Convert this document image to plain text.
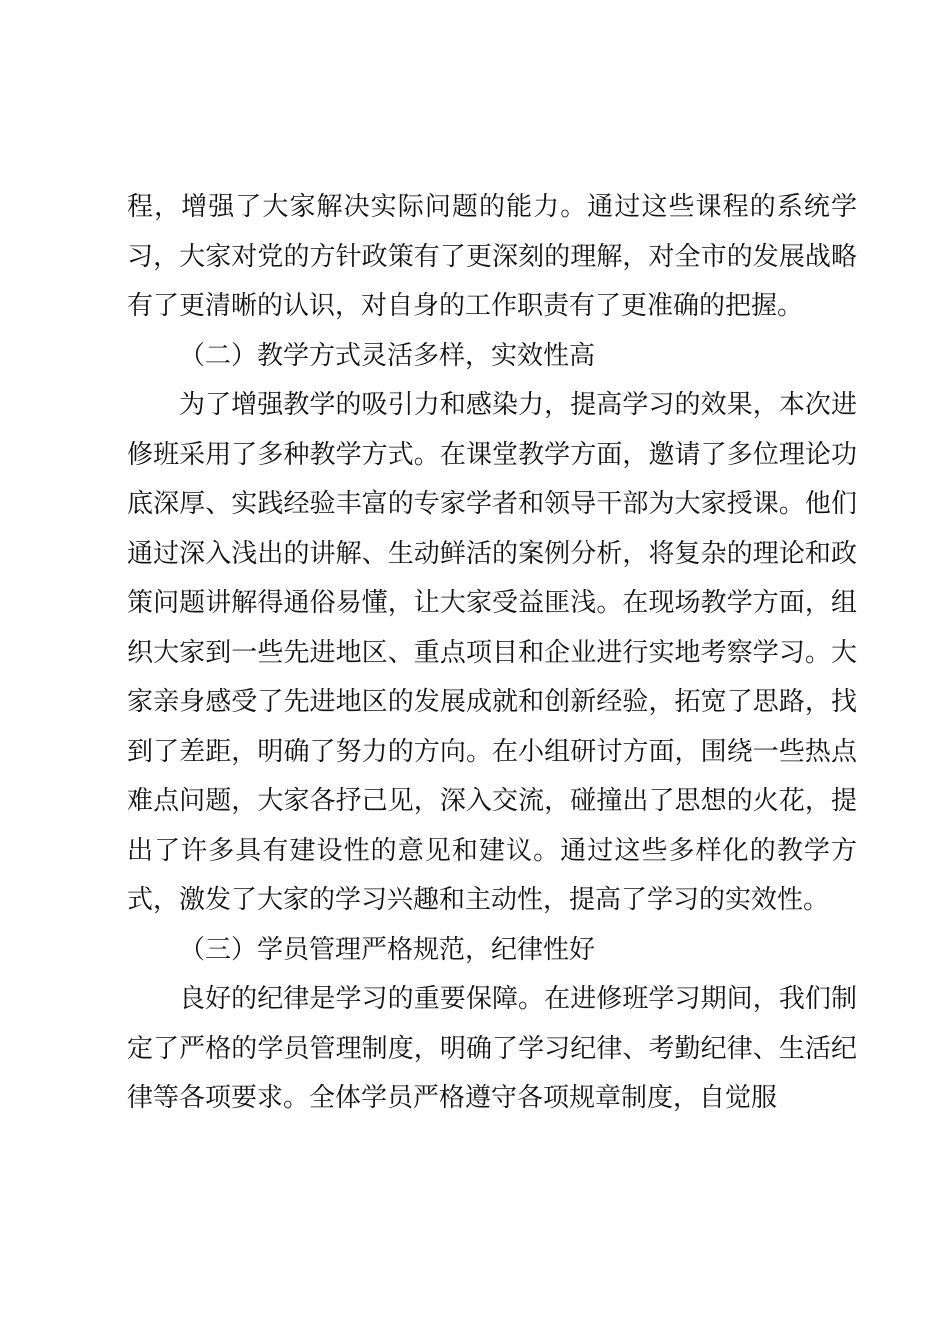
程，增强了大家解决实际问题的能力。通过这些课程的系统学习，大家对党的方针政策有了更深刻的理解，对全市的发展战略有了更清晰的认识，对自身的工作职责有了更准确的把握。

（二）教学方式灵活多样，实效性高

为了增强教学的吸引力和感染力，提高学习的效果，本次进修班采用了多种教学方式。在课堂教学方面，邀请了多位理论功底深厚、实践经验丰富的专家学者和领导干部为大家授课。他们通过深入浅出的讲解、生动鲜活的案例分析，将复杂的理论和政策问题讲解得通俗易懂，让大家受益匪浅。在现场教学方面，组织大家到一些先进地区、重点项目和企业进行实地考察学习。大家亲身感受了先进地区的发展成就和创新经验，拓宽了思路，找到了差距，明确了努力的方向。在小组研讨方面，围绕一些热点难点问题，大家各抒己见，深入交流，碰撞出了思想的火花，提出了许多具有建设性的意见和建议。通过这些多样化的教学方式，激发了大家的学习兴趣和主动性，提高了学习的实效性。

（三）学员管理严格规范，纪律性好

良好的纪律是学习的重要保障。在进修班学习期间，我们制定了严格的学员管理制度，明确了学习纪律、考勤纪律、生活纪律等各项要求。全体学员严格遵守各项规章制度，自觉服
